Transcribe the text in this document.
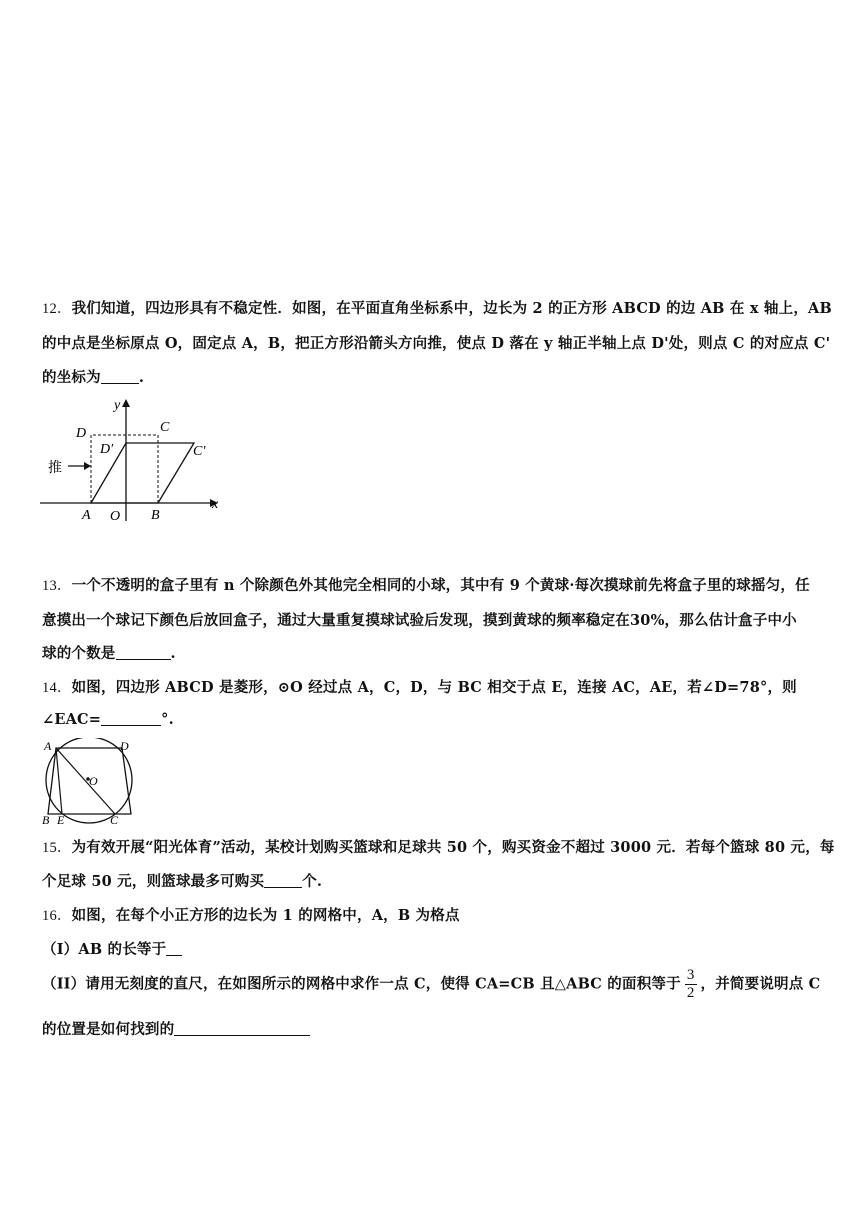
12．我们知道，四边形具有不稳定性．如图，在平面直角坐标系中，边长为 2 的正方形 ABCD 的边 AB 在 x 轴上，AB
的中点是坐标原点 O，固定点 A，B，把正方形沿箭头方向推，使点 D 落在 y 轴正半轴上点 D'处，则点 C 的对应点 C'
的坐标为	.
推
y
D	C
D′	C′
A O B
x
13．一个不透明的盒子里有 n 个除颜色外其他完全相同的小球，其中有 9 个黄球·每次摸球前先将盒子里的球摇匀，任
意摸出一个球记下颜色后放回盒子，通过大量重复摸球试验后发现，摸到黄球的频率稳定在30%，那么估计盒子中小
球的个数是	.
14．如图，四边形 ABCD 是菱形，⊙O 经过点 A，C，D，与 BC 相交于点 E，连接 AC，AE，若∠D=78°，则
∠EAC=	°.
A	D
O
B E	C
15．为有效开展“阳光体育”活动，某校计划购买篮球和足球共 50 个，购买资金不超过 3000 元．若每个篮球 80 元，每
个足球 50 元，则篮球最多可购买	个.
16．如图，在每个小正方形的边长为 1 的网格中，A，B 为格点
（I）AB 的长等于
（II）请用无刻度的直尺，在如图所示的网格中求作一点 C，使得 CA=CB 且△ABC 的面积等于 $\frac{3}{2}$ ，并简要说明点 C
的位置是如何找到的
